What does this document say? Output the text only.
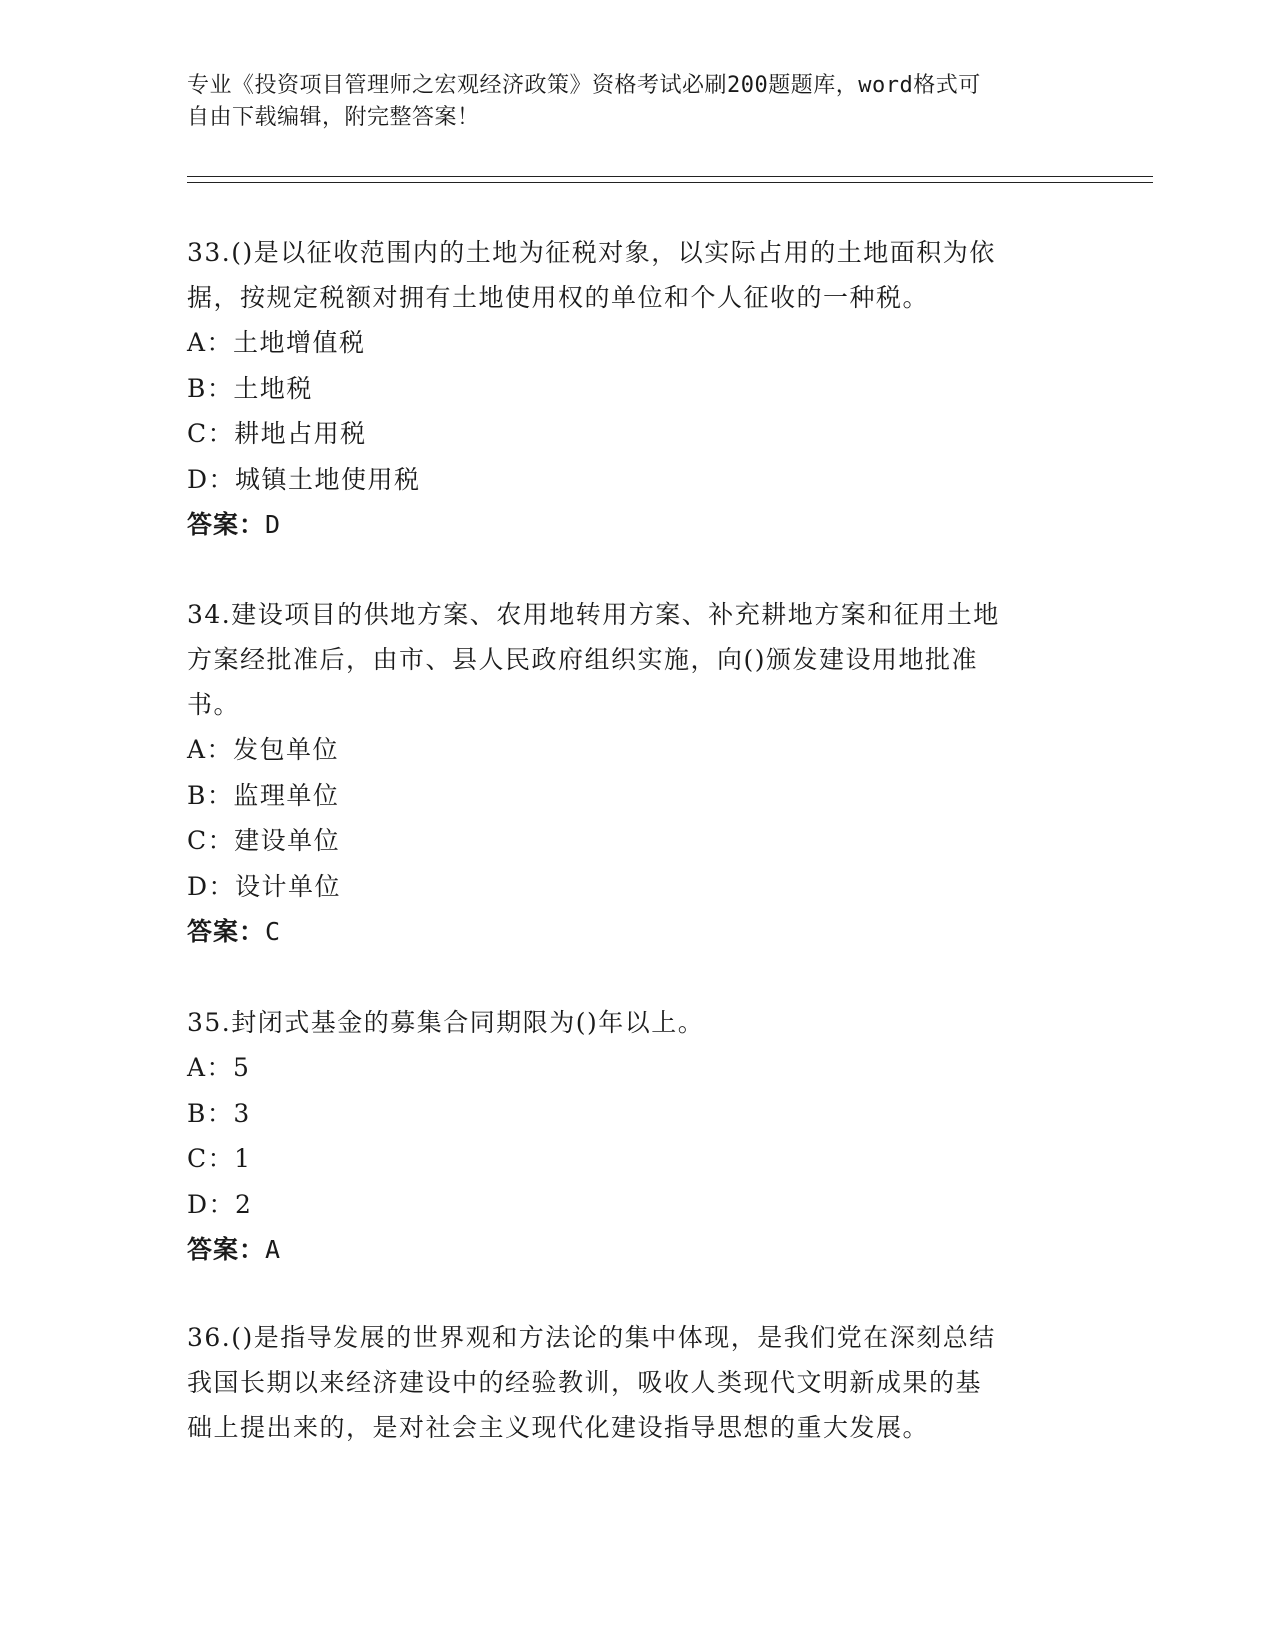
专业《投资项目管理师之宏观经济政策》资格考试必刷200题题库，word格式可
自由下载编辑，附完整答案！

33.()是以征收范围内的土地为征税对象，以实际占用的土地面积为依

据，按规定税额对拥有土地使用权的单位和个人征收的一种税。

A：土地增值税

B：土地税

C：耕地占用税

D：城镇土地使用税

答案：D

34.建设项目的供地方案、农用地转用方案、补充耕地方案和征用土地

方案经批准后，由市、县人民政府组织实施，向()颁发建设用地批准

书。

A：发包单位

B：监理单位

C：建设单位

D：设计单位

答案：C

35.封闭式基金的募集合同期限为()年以上。

A：5

B：3

C：1

D：2

答案：A

36.()是指导发展的世界观和方法论的集中体现，是我们党在深刻总结

我国长期以来经济建设中的经验教训，吸收人类现代文明新成果的基

础上提出来的，是对社会主义现代化建设指导思想的重大发展。
